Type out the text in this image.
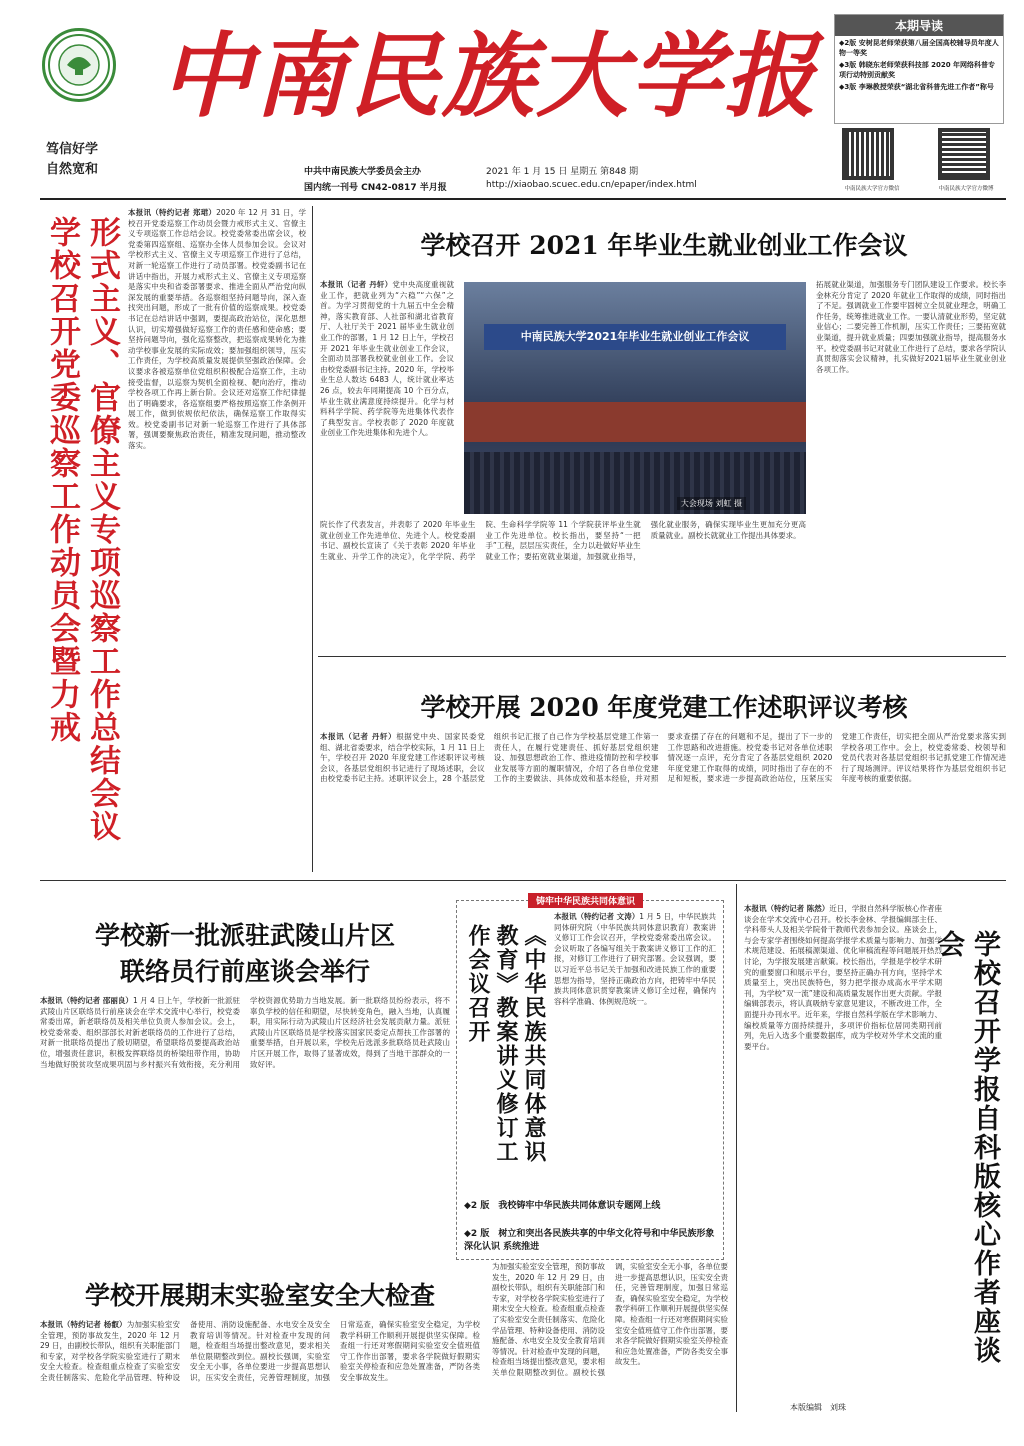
笃信好学
自然宽和
中南民族大学报
中共中南民族大学委员会主办	2021 年 1 月 15 日 星期五 第848 期
国内统一刊号 CN42-0817 半月报	http://xiaobao.scuec.edu.cn/epaper/index.html
本期导读
◆2版 安树昆老师荣获第八届全国高校辅导员年度人物一等奖
◆3版 韩晓东老师荣获科技部 2020 年网络科普专项行动特别贡献奖
◆3版 李琳教授荣获“湖北省科普先进工作者”称号
中南民族大学官方微信	中南民族大学官方微博
形式主义、官僚主义专项巡察工作总结会议学校召开党委巡察工作动员会暨力戒
本报讯（特约记者 郑珺）2020 年 12 月 31 日，学校召开党委巡察工作动员会暨力戒形式主义、官僚主义专项巡察工作总结会议。校党委常委出席会议，校党委第四巡察组、巡察办全体人员参加会议。会议对学校形式主义、官僚主义专项巡察工作进行了总结，对新一轮巡察工作进行了动员部署。校党委副书记在讲话中指出，开展力戒形式主义、官僚主义专项巡察是落实中央和省委部署要求、推进全面从严治党向纵深发展的重要举措。各巡察组坚持问题导向，深入查找突出问题，形成了一批有价值的巡察成果。校党委书记在总结讲话中强调，要提高政治站位，深化思想认识，切实增强做好巡察工作的责任感和使命感；要坚持问题导向，强化巡察整改，把巡察成果转化为推动学校事业发展的实际成效；要加强组织领导，压实工作责任，为学校高质量发展提供坚强政治保障。会议要求各被巡察单位党组织积极配合巡察工作，主动接受监督，以巡察为契机全面检视、靶向治疗，推动学校各项工作再上新台阶。会议还对巡察工作纪律提出了明确要求，各巡察组要严格按照巡察工作条例开展工作，做到依规依纪依法，确保巡察工作取得实效。校党委副书记对新一轮巡察工作进行了具体部署，强调要聚焦政治责任，精准发现问题，推动整改落实。
学校召开 2021 年毕业生就业创业工作会议
本报讯（记者 丹轩）党中央高度重视就业工作，把就业列为“六稳”“六保”之首。为学习贯彻党的十九届五中全会精神，落实教育部、人社部和湖北省教育厅、人社厅关于 2021 届毕业生就业创业工作的部署，1 月 12 日上午，学校召开 2021 年毕业生就业创业工作会议，全面动员部署我校就业创业工作。会议由校党委副书记主持。2020 年，学校毕业生总人数达 6483 人，统计就业率达 26 点，较去年同期提高 10 个百分点，毕业生就业满意度持续提升。化学与材料科学学院、药学院等先进集体代表作了典型发言。学校表彰了 2020 年度就业创业工作先进集体和先进个人。
中南民族大学2021年毕业生就业创业工作会议
大会现场 刘虹 摄
拓展就业渠道，加强服务专门团队建设工作要求。校长李金林充分肯定了 2020 年就业工作取得的成绩，同时指出了不足。强调就业工作要牢固树立全员就业理念，明确工作任务，统筹推进就业工作。一要认清就业形势，坚定就业信心；二要完善工作机制，压实工作责任；三要拓宽就业渠道，提升就业质量；四要加强就业指导，提高服务水平。校党委副书记对就业工作进行了总结，要求各学院认真贯彻落实会议精神，扎实做好2021届毕业生就业创业各项工作。
院长作了代表发言，并表彰了 2020 年毕业生就业创业工作先进单位、先进个人。校党委副书记、副校长宣读了《关于表彰 2020 年毕业生就业、升学工作的决定》，化学学院、药学院、生命科学学院等 11 个学院获评毕业生就业工作先进单位。校长指出，要坚持“一把手”工程，层层压实责任，全力以赴做好毕业生就业工作；要拓宽就业渠道，加强就业指导，强化就业服务，确保实现毕业生更加充分更高质量就业。副校长就就业工作提出具体要求。
学校开展 2020 年度党建工作述职评议考核
本报讯（记者 丹轩）根据党中央、国家民委党组、湖北省委要求，结合学校实际，1 月 11 日上午，学校召开 2020 年度党建工作述职评议考核会议，各基层党组织书记进行了现场述职，会议由校党委书记主持。述职评议会上，28 个基层党组织书记汇报了自己作为学校基层党建工作第一责任人，在履行党建责任、抓好基层党组织建设、加强思想政治工作、推进疫情防控和学校事业发展等方面的履职情况，介绍了各自单位党建工作的主要做法、具体成效和基本经验，并对照要求查摆了存在的问题和不足，提出了下一步的工作思路和改进措施。校党委书记对各单位述职情况逐一点评，充分肯定了各基层党组织 2020 年度党建工作取得的成绩，同时指出了存在的不足和短板，要求进一步提高政治站位，压紧压实党建工作责任，切实把全面从严治党要求落实到学校各项工作中。会上，校党委常委、校领导和党员代表对各基层党组织书记抓党建工作情况进行了现场测评。评议结果将作为基层党组织书记年度考核的重要依据。
学校新一批派驻武陵山片区
联络员行前座谈会举行
本报讯（特约记者 邵丽良）1 月 4 日上午，学校新一批派驻武陵山片区联络员行前座谈会在学术交流中心举行，校党委常委出席，新老联络员及相关单位负责人参加会议。会上，校党委常委、组织部部长对新老联络员的工作进行了总结，对新一批联络员提出了殷切期望，希望联络员要提高政治站位，增强责任意识，积极发挥联络员的桥梁纽带作用，协助当地做好脱贫攻坚成果巩固与乡村振兴有效衔接，充分利用学校资源优势助力当地发展。新一批联络员纷纷表示，将不辜负学校的信任和期望，尽快转变角色，融入当地，认真履职，用实际行动为武陵山片区经济社会发展贡献力量。派驻武陵山片区联络员是学校落实国家民委定点帮扶工作部署的重要举措，自开展以来，学校先后选派多批联络员赴武陵山片区开展工作，取得了显著成效，得到了当地干部群众的一致好评。
铸牢中华民族共同体意识
《中华民族共同体意识教育》教案讲义修订工作会议召开
本报讯（特约记者 文涛）1 月 5 日，中华民族共同体研究院（中华民族共同体意识教育）教案讲义修订工作会议召开，学校党委常委出席会议。会议听取了各编写组关于教案讲义修订工作的汇报，对修订工作进行了研究部署。会议强调，要以习近平总书记关于加强和改进民族工作的重要思想为指导，坚持正确政治方向，把铸牢中华民族共同体意识贯穿教案讲义修订全过程，确保内容科学准确、体例规范统一。
◆2 版　我校铸牢中华民族共同体意识专题网上线
◆2 版　树立和突出各民族共享的中华文化符号和中华民族形象 深化认识 系统推进
本报讯（特约记者 陈然）近日，学报自然科学版核心作者座谈会在学术交流中心召开。校长李金林、学报编辑部主任、学科带头人及相关学院骨干教师代表参加会议。座谈会上，与会专家学者围绕如何提高学报学术质量与影响力、加强学术规范建设、拓展稿源渠道、优化审稿流程等问题展开热烈讨论，为学报发展建言献策。校长指出，学报是学校学术研究的重要窗口和展示平台，要坚持正确办刊方向，坚持学术质量至上，突出民族特色，努力把学报办成高水平学术期刊，为学校“双一流”建设和高质量发展作出更大贡献。学报编辑部表示，将认真吸纳专家意见建议，不断改进工作，全面提升办刊水平。近年来，学报自然科学版在学术影响力、编校质量等方面持续提升，多项评价指标位居同类期刊前列，先后入选多个重要数据库，成为学校对外学术交流的重要平台。	学校召开学报自科版核心作者座谈会
本版编辑　刘珠
学校开展期末实验室安全大检查
本报讯（特约记者 杨叡）为加强实验室安全管理，预防事故发生，2020 年 12 月 29 日，由副校长带队，组织有关职能部门和专家，对学校各学院实验室进行了期末安全大检查。检查组重点检查了实验室安全责任制落实、危险化学品管理、特种设备使用、消防设施配备、水电安全及安全教育培训等情况。针对检查中发现的问题，检查组当场提出整改意见，要求相关单位限期整改到位。副校长强调，实验室安全无小事，各单位要进一步提高思想认识，压实安全责任，完善管理制度，加强日常巡查，确保实验室安全稳定，为学校教学科研工作顺利开展提供坚实保障。检查组一行还对寒假期间实验室安全值班值守工作作出部署，要求各学院做好假期实验室关停检查和应急处置准备，严防各类安全事故发生。
为加强实验室安全管理，预防事故发生，2020 年 12 月 29 日，由副校长带队，组织有关职能部门和专家，对学校各学院实验室进行了期末安全大检查。检查组重点检查了实验室安全责任制落实、危险化学品管理、特种设备使用、消防设施配备、水电安全及安全教育培训等情况。针对检查中发现的问题，检查组当场提出整改意见，要求相关单位限期整改到位。副校长强调，实验室安全无小事，各单位要进一步提高思想认识，压实安全责任，完善管理制度，加强日常巡查，确保实验室安全稳定，为学校教学科研工作顺利开展提供坚实保障。检查组一行还对寒假期间实验室安全值班值守工作作出部署，要求各学院做好假期实验室关停检查和应急处置准备，严防各类安全事故发生。
